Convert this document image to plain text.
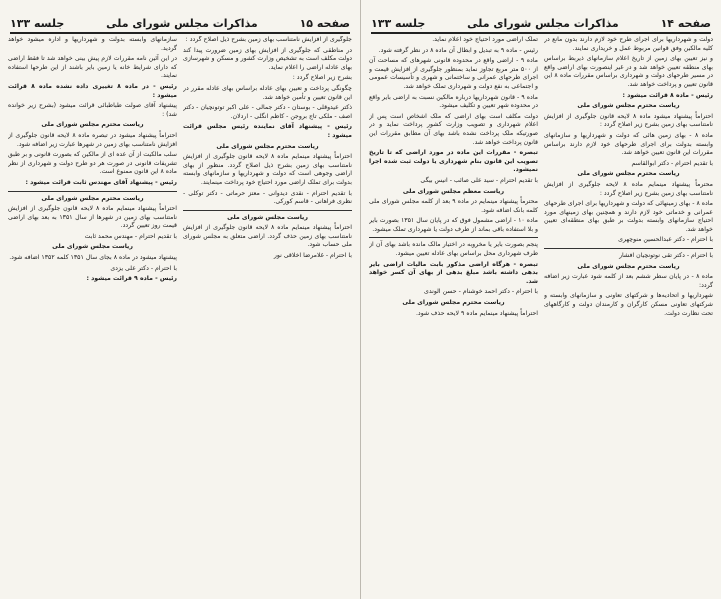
صفحه ۱۵
مذاکرات مجلس شورای ملی
جلسه ۱۳۳

جلوگیری از افزایش نامتناسب بهای زمین بشرح ذیل اصلاح گردد :

در مناطقی که جلوگیری از افزایش بهای زمین ضرورت پیدا کند دولت مکلف است به تشخیص وزارت کشور و مسکن و شهرسازی بهای عادله اراضی را اعلام نماید.

بشرح زیر اصلاح گردد :

چگونگی پرداخت و تعیین بهای عادله براساس بهای عادله مقرر در این قانون تعیین و تأمین خواهد شد.

ذکتر عیدوقلی - بوستان - دکتر جمالی - علی اکبر توتونچیان - دکتر اصف - ملکی تاج بروجن - کاظم انگلی - اردلان.

رئیس - پیشنهاد آقای نماینده رئیس مجلس قرائت میشود :

ریاست محترم مجلس شورای ملی

احتراماً پیشنهاد مینمایم ماده ۸ لایحه قانون جلوگیری از افزایش نامتناسب بهای زمین بشرح ذیل اصلاح گردد. منظور از بهای اراضی وجوهی است که دولت و شهرداریها و سازمانهای وابسته بدولت برای تملک اراضی مورد احتیاج خود پرداخت مینمایند.

با تقدیم احترام - نقدی دیدوانی - معتز حرماتی - دکتر توکلی - نظری فراهانی - قاسم کورکی.

ریاست مجلس شورای ملی

احتراماً پیشنهاد مینمایم ماده ۸ لایحه قانون جلوگیری از افزایش نامتناسب بهای زمین حذف گردد. اراضی متعلق به مجلس شورای ملی حساب شود.

با احترام - غلامرضا اخلاقی نور

سازمانهای وابسته بدولت و شهرداریها و اداره میشود خواهد گردید.

در این آئین نامه مقررات لازم پیش بینی خواهد شد تا فقط اراضی که دارای شرایط خانه یا زمین بایر باشند از این طرحها استفاده نمایند.

رئیس - در ماده ۸ تغییری داده نشده ماده ۸ قرائت میشود :

پیشنهاد آقای صولت طباطبائی قرائت میشود (بشرح زیر خوانده شد) :

ریاست محترم مجلس شورای ملی

احتراماً پیشنهاد میشود در تبصره ماده ۸ لایحه قانون جلوگیری از افزایش نامتناسب بهای زمین در شهرها عبارت زیر اضافه شود.

سلب مالکیت از آن عده ای از مالکین که بصورت قانونی و بر طبق تشریفات قانونی در صورت هر دو طرح دولت و شهرداری از نظر ماده ۸ این قانون ممنوع است.

رئیس - پیشنهاد آقای مهندس ثابت قرائت میشود :

ریاست محترم مجلس شورای ملی

احتراماً پیشنهاد مینمایم ماده ۸ لایحه قانون جلوگیری از افزایش نامتناسب بهای زمین در شهرها از سال ۱۳۵۱ به بعد بهای اراضی قیمت روز تعیین گردد.

با تقدیم احترام - مهندس محمد ثابت

ریاست مجلس شورای ملی

پیشنهاد میشود در ماده ۸ بجای سال ۱۳۵۱ کلمه ۱۳۵۲ اضافه شود.

با احترام - دکتر علی یزدی

رئیس - ماده ۹ قرائت میشود :

صفحه ۱۴
مذاکرات مجلس شورای ملی
جلسه ۱۳۳

دولت و شهرداریها برای اجرای طرح خود لازم دارند بدون مانع در کلیه مالکین وفق قوانین مربوط عمل و خریداری نمایند.

و نیز تعیین بهای زمین از تاریخ اعلام سازمانهای ذیربط براساس بهای منطقه تعیین خواهد شد و در غیر اینصورت بهای اراضی واقع در مسیر طرحهای دولت و شهرداری براساس مقررات ماده ۸ این قانون تعیین و پرداخت خواهد شد.

رئیس - ماده ۸ قرائت میشود :

ریاست محترم مجلس شورای ملی

احتراماً پیشنهاد میشود ماده ۸ لایحه قانون جلوگیری از افزایش نامتناسب بهای زمین بشرح زیر اصلاح گردد :

ماده ۸ - بهای زمین هائی که دولت و شهرداریها و سازمانهای وابسته بدولت برای اجرای طرحهای خود لازم دارند براساس مقررات این قانون تعیین خواهد شد.

با تقدیم احترام - دکتر ابوالقاسم

ریاست محترم مجلس شورای ملی

محترماً پیشنهاد مینمایم ماده ۸ لایحه جلوگیری از افزایش نامتناسب بهای زمین بشرح زیر اصلاح گردد :

ماده ۸ - بهای زمینهائی که دولت و شهرداریها برای اجرای طرحهای عمرانی و خدماتی خود لازم دارند و همچنین بهای زمینهای مورد احتیاج سازمانهای وابسته بدولت بر طبق بهای منطقه‌ای تعیین خواهد شد.

با احترام - دکتر عبدالحسین منوچهری

با احترام - دکتر تقی نوتونچیان افشار

ریاست محترم مجلس شورای ملی

ماده ۸ - در پایان سطر ششم بعد از کلمه شود عبارت زیر اضافه گردد:

شهرداریها و اتحادیه‌ها و شرکتهای تعاونی و سازمانهای وابسته و شرکتهای تعاونی مسکن کارگران و کارمندان دولت و کارگاههای تحت نظارت دولت.

تملک اراضی مورد احتیاج خود اعلام نماید.

رئیس - ماده ۹ به تبدیل و ابطال آن ماده ۸ در نظر گرفته شود.

ماده ۹ - اراضی واقع در محدوده قانونی شهرهای که مساحت آن از ۵۰۰ متر مربع تجاوز نماید بمنظور جلوگیری از افزایش قیمت و اجرای طرحهای عمرانی و ساختمانی و شهری و تأسیسات عمومی و اجتماعی به نفع دولت و شهرداری تملک خواهد شد.

ماده ۹ - قانون شهرداریها درباره مالکین نسبت به اراضی بایر واقع در محدوده شهر تعیین و تکلیف میشود.

دولت مکلف است بهای اراضی که ملک اشخاص است پس از اعلام شهرداری و تصویب وزارت کشور پرداخت نماید و در صورتیکه ملک پرداخت نشده باشد بهای آن مطابق مقررات این قانون پرداخت خواهد شد.

تبصره - مقررات این ماده در مورد اراضی که تا تاریخ تصویب این قانون بنام شهرداری یا دولت ثبت شده اجرا نمیشود.

با تقدیم احترام - سید علی صائب - انیس بیگی

ریاست معظم مجلس شورای ملی

محترماً پیشنهاد مینمایم در ماده ۹ بعد از کلمه مجلس شورای ملی کلمه بانک اضافه شود.

ماده ۱۰ - اراضی مشمول فوق که در پایان سال ۱۳۵۱ بصورت بایر و بلا استفاده باقی بماند از طرف دولت یا شهرداری تملک میشود.

پنجم بصورت بایر یا مخروبه در اختیار مالک مانده باشد بهای آن از طرف شهرداری محل براساس بهای عادله تعیین میشود.

تبصره - هرگاه اراضی مذکور بابت مالیات اراضی بایر بدهی داشته باشد مبلغ بدهی از بهای آن کسر خواهد شد.

با احترام - دکتر احمد خوشنام - حسن الوندی

ریاست محترم مجلس شورای ملی

احتراماً پیشنهاد مینمایم ماده ۹ لایحه حذف شود.
